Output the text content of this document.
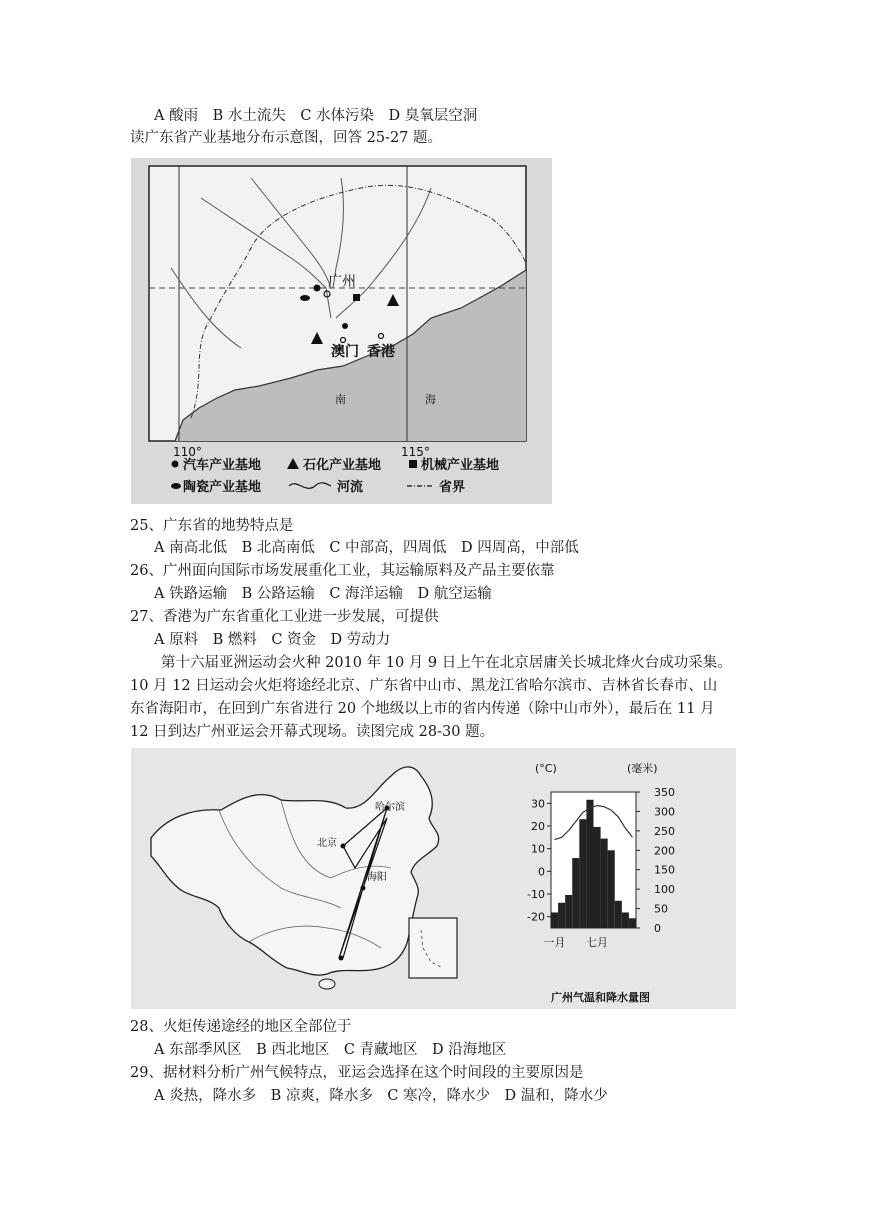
A 酸雨　B 水土流失　C 水体污染　D 臭氧层空洞
读广东省产业基地分布示意图，回答 25-27 题。
广州
澳门 香港
南	海
110°	115°
汽车产业基地	石化产业基地	机械产业基地
陶瓷产业基地	河流	省界
25、广东省的地势特点是
A 南高北低　B 北高南低　C 中部高，四周低　D 四周高，中部低
26、广州面向国际市场发展重化工业，其运输原料及产品主要依靠
A 铁路运输　B 公路运输　C 海洋运输　D 航空运输
27、香港为广东省重化工业进一步发展，可提供
A 原料　B 燃料　C 资金　D 劳动力
第十六届亚洲运动会火种 2010 年 10 月 9 日上午在北京居庸关长城北烽火台成功采集。
10 月 12 日运动会火炬将途经北京、广东省中山市、黑龙江省哈尔滨市、吉林省长春市、山
东省海阳市，在回到广东省进行 20 个地级以上市的省内传递（除中山市外），最后在 11 月
12 日到达广州亚运会开幕式现场。读图完成 28-30 题。
哈尔滨
北京
海阳
(°C)	(毫米)
30
20
10
0
-10
-20
350
300
250
200
150
100
50
0
一月 七月
广州气温和降水量图
28、火炬传递途经的地区全部位于
A 东部季风区　B 西北地区　C 青藏地区　D 沿海地区
29、据材料分析广州气候特点，亚运会选择在这个时间段的主要原因是
A 炎热，降水多　B 凉爽，降水多　C 寒冷，降水少　D 温和，降水少
